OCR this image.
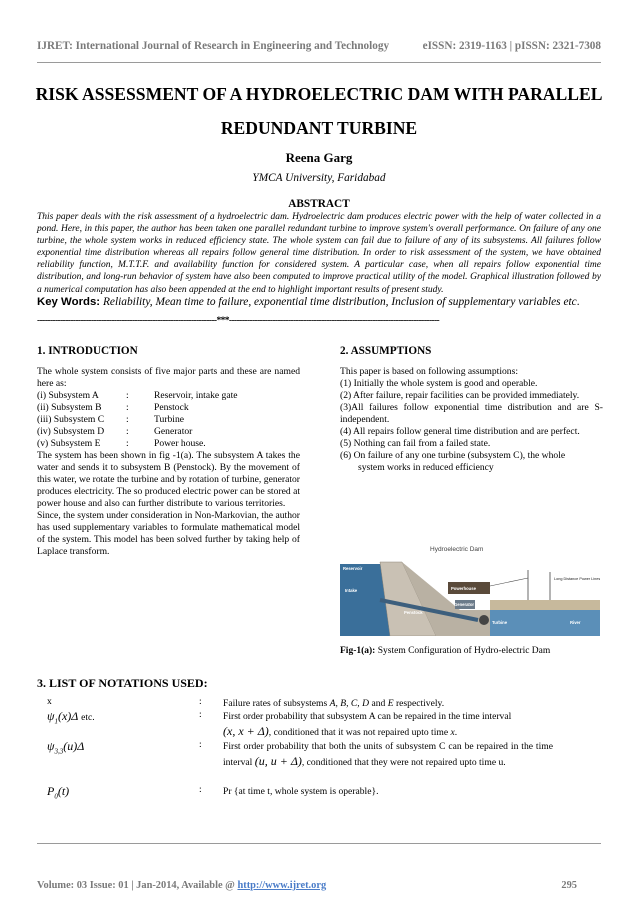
IJRET: International Journal of Research in Engineering and Technology	eISSN: 2319-1163 | pISSN: 2321-7308
RISK ASSESSMENT OF A HYDROELECTRIC DAM WITH PARALLEL
REDUNDANT TURBINE
Reena Garg
YMCA University, Faridabad
ABSTRACT
This paper deals with the risk assessment of a hydroelectric dam. Hydroelectric dam produces electric power with the help of water collected in a pond. Here, in this paper, the author has been taken one parallel redundant turbine to improve system's overall performance. On failure of any one turbine, the whole system works in reduced efficiency state. The whole system can fail due to failure of any of its subsystems. All failures follow exponential time distribution whereas all repairs follow general time distribution. In order to risk assessment of the system, we have obtained reliability function, M.T.T.F. and availability function for considered system. A particular case, when all repairs follow exponential time distribution, and long-run behavior of system have also been computed to improve practical utility of the model. Graphical illustration followed by a numerical computation has also been appended at the end to highlight important results of present study.
Key Words: Reliability, Mean time to failure, exponential time distribution, Inclusion of supplementary variables etc.
----------------------------------------------------------------------***----------------------------------------------------------------------------------
1. INTRODUCTION
The whole system consists of five major parts and these are named here as:
(i) Subsystem A	:	Reservoir, intake gate
(ii) Subsystem B	:	Penstock
(iii) Subsystem C	:	Turbine
(iv) Subsystem D	:	Generator
(v) Subsystem E	:	Power house.
The system has been shown in fig -1(a). The subsystem A takes the water and sends it to subsystem B (Penstock). By the movement of this water, we rotate the turbine and by rotation of turbine, generator produces electricity. The so produced electric power can be stored at power house and also can further distribute to various territories.
Since, the system under consideration in Non-Markovian, the author has used supplementary variables to formulate mathematical model of the system. This model has been solved further by taking help of Laplace transform.
2. ASSUMPTIONS
This paper is based on following assumptions:
(1) Initially the whole system is good and operable.
(2) After failure, repair facilities can be provided immediately.
(3)All failures follow exponential time distribution and are S-independent.
(4) All repairs follow general time distribution and are perfect.
(5) Nothing can fail from a failed state.
(6) On failure of any one turbine (subsystem C), the whole
system works in reduced efficiency
Hydroelectric Dam
Reservoir
Intake	Powerhouse
Generator
Penstock
Turbine	River
Long Distance Power Lines
Fig-1(a): System Configuration of Hydro-electric Dam
3. LIST OF NOTATIONS USED:
x	: Failure rates of subsystems A, B, C, D and E respectively.
$\psi_1(x)\Delta$ etc.	: First order probability that subsystem A can be repaired in the time interval
(x, x + Δ), conditioned that it was not repaired upto time x.
$\psi_{3,3}(u)\Delta$	: First order probability that both the units of subsystem C can be repaired in the time interval (u, u + Δ), conditioned that they were not repaired upto time u.
$P_0(t)$	: Pr {at time t, whole system is operable}.
Volume: 03 Issue: 01 | Jan-2014, Available @ http://www.ijret.org	295
